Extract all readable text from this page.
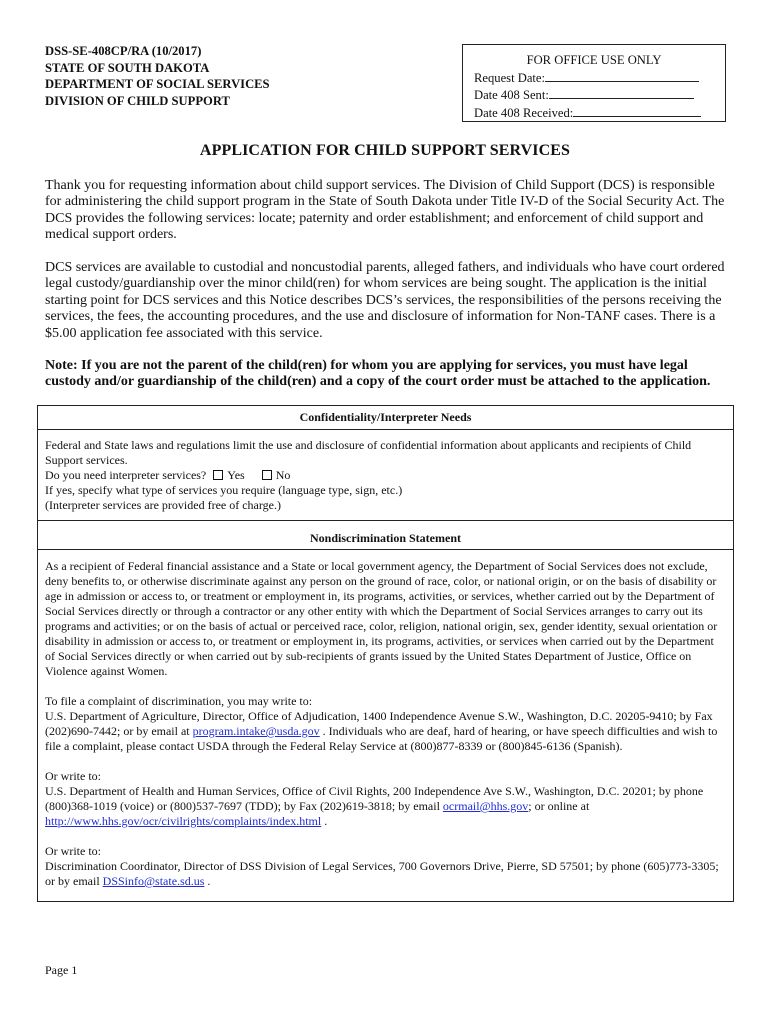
DSS-SE-408CP/RA (10/2017)
STATE OF SOUTH DAKOTA
DEPARTMENT OF SOCIAL SERVICES
DIVISION OF CHILD SUPPORT
FOR OFFICE USE ONLY
Request Date:
Date 408 Sent:
Date 408 Received:
APPLICATION FOR CHILD SUPPORT SERVICES
Thank you for requesting information about child support services. The Division of Child Support (DCS) is responsible for administering the child support program in the State of South Dakota under Title IV-D of the Social Security Act. The DCS provides the following services: locate; paternity and order establishment; and enforcement of child support and medical support orders.
DCS services are available to custodial and noncustodial parents, alleged fathers, and individuals who have court ordered legal custody/guardianship over the minor child(ren) for whom services are being sought. The application is the initial starting point for DCS services and this Notice describes DCS’s services, the responsibilities of the persons receiving the services, the fees, the accounting procedures, and the use and disclosure of information for Non-TANF cases. There is a $5.00 application fee associated with this service.
Note: If you are not the parent of the child(ren) for whom you are applying for services, you must have legal custody and/or guardianship of the child(ren) and a copy of the court order must be attached to the application.
Confidentiality/Interpreter Needs
Federal and State laws and regulations limit the use and disclosure of confidential information about applicants and recipients of Child Support services.
Do you need interpreter services? Yes	No
If yes, specify what type of services you require (language type, sign, etc.)
(Interpreter services are provided free of charge.)
Nondiscrimination Statement
As a recipient of Federal financial assistance and a State or local government agency, the Department of Social Services does not exclude, deny benefits to, or otherwise discriminate against any person on the ground of race, color, or national origin, or on the basis of disability or age in admission or access to, or treatment or employment in, its programs, activities, or services, whether carried out by the Department of Social Services directly or through a contractor or any other entity with which the Department of Social Services arranges to carry out its programs and activities; or on the basis of actual or perceived race, color, religion, national origin, sex, gender identity, sexual orientation or disability in admission or access to, or treatment or employment in, its programs, activities, or services when carried out by the Department of Social Services directly or when carried out by sub-recipients of grants issued by the United States Department of Justice, Office on Violence against Women.
To file a complaint of discrimination, you may write to:
U.S. Department of Agriculture, Director, Office of Adjudication, 1400 Independence Avenue S.W., Washington, D.C. 20205-9410; by Fax (202)690-7442; or by email at program.intake@usda.gov . Individuals who are deaf, hard of hearing, or have speech difficulties and wish to file a complaint, please contact USDA through the Federal Relay Service at (800)877-8339 or (800)845-6136 (Spanish).
Or write to:
U.S. Department of Health and Human Services, Office of Civil Rights, 200 Independence Ave S.W., Washington, D.C. 20201; by phone (800)368-1019 (voice) or (800)537-7697 (TDD); by Fax (202)619-3818; by email ocrmail@hhs.gov; or online at http://www.hhs.gov/ocr/civilrights/complaints/index.html .
Or write to:
Discrimination Coordinator, Director of DSS Division of Legal Services, 700 Governors Drive, Pierre, SD 57501; by phone (605)773-3305; or by email DSSinfo@state.sd.us .
Page 1
